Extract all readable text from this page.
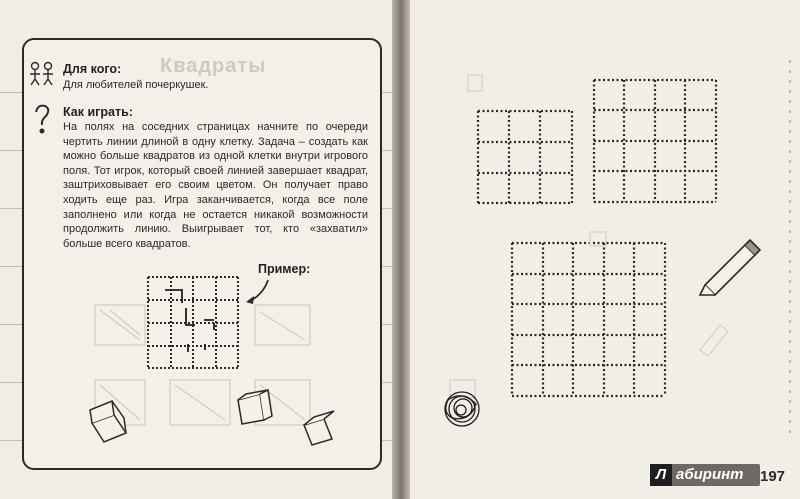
Квадраты
Для кого:
Для любителей почеркушек.
Как играть:
На полях на соседних страницах начните по очереди чертить линии длиной в одну клетку. Задача – создать как можно больше квадратов из одной клетки внутри игрового поля. Тот игрок, который своей линией завершает квадрат, заштриховывает его своим цветом. Он получает право ходить еще раз. Игра заканчивается, когда все поле заполнено или когда не остается никакой возможности продолжить линию. Выигрывает тот, кто «захватил» больше всего квадратов.
Пример:
Л абиринт 197
